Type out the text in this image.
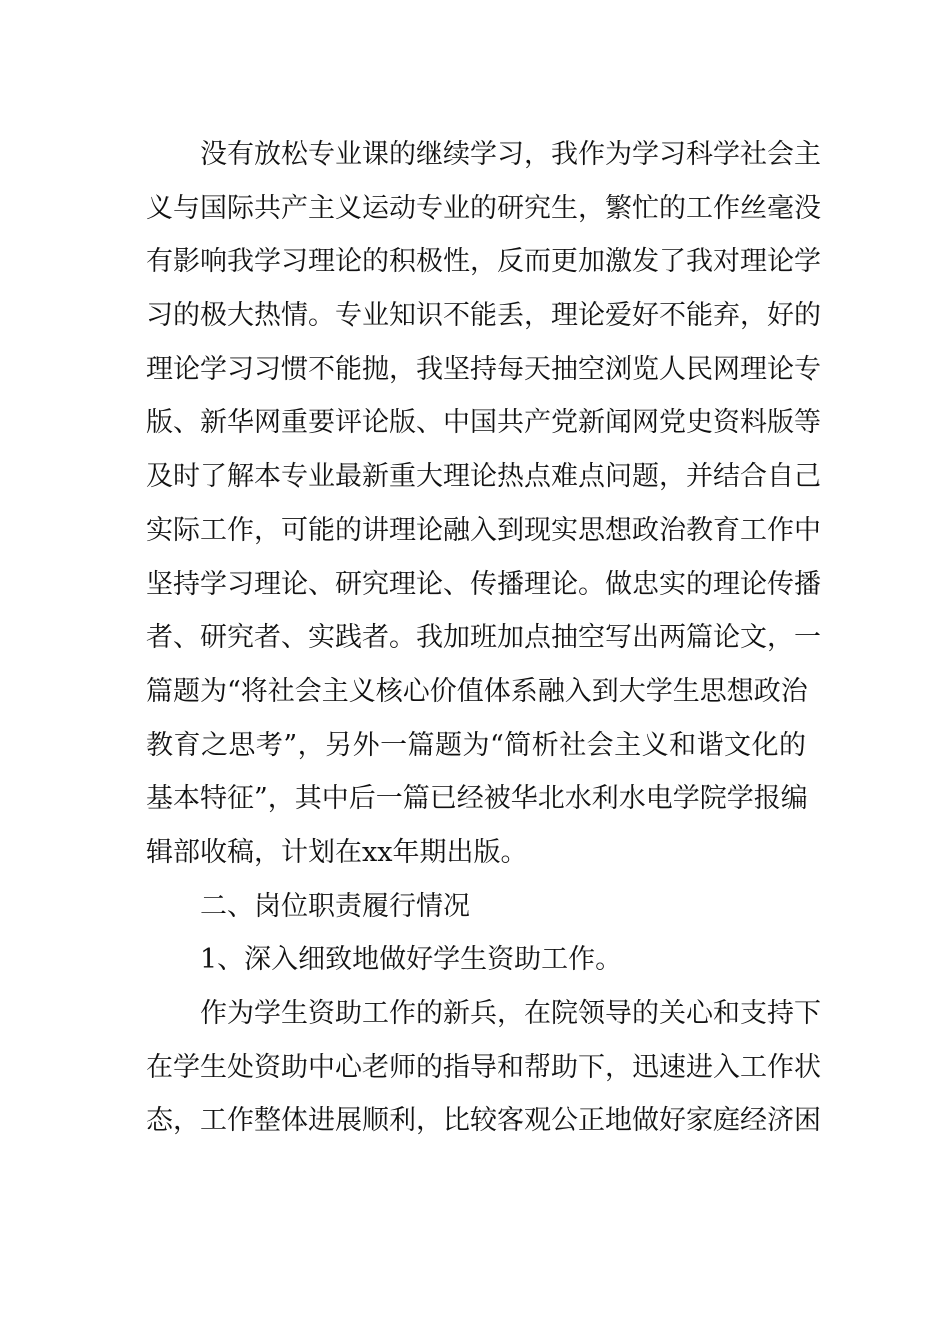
没有放松专业课的继续学习，我作为学习科学社会主
义与国际共产主义运动专业的研究生，繁忙的工作丝毫没
有影响我学习理论的积极性，反而更加激发了我对理论学
习的极大热情。专业知识不能丢，理论爱好不能弃，好的
理论学习习惯不能抛，我坚持每天抽空浏览人民网理论专
版、新华网重要评论版、中国共产党新闻网党史资料版等
及时了解本专业最新重大理论热点难点问题，并结合自己
实际工作，可能的讲理论融入到现实思想政治教育工作中
坚持学习理论、研究理论、传播理论。做忠实的理论传播
者、研究者、实践者。我加班加点抽空写出两篇论文，一
篇题为“将社会主义核心价值体系融入到大学生思想政治
教育之思考”，另外一篇题为“简析社会主义和谐文化的
基本特征”，其中后一篇已经被华北水利水电学院学报编
辑部收稿，计划在xx年期出版。
二、岗位职责履行情况
1、深入细致地做好学生资助工作。
作为学生资助工作的新兵，在院领导的关心和支持下
在学生处资助中心老师的指导和帮助下，迅速进入工作状
态，工作整体进展顺利，比较客观公正地做好家庭经济困
